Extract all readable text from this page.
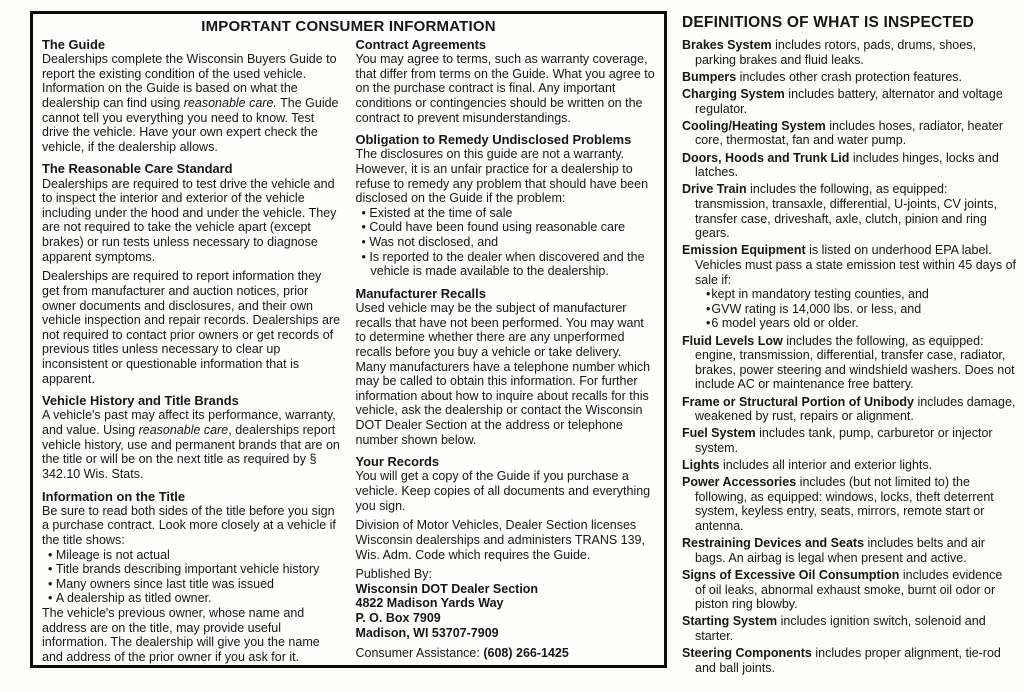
IMPORTANT CONSUMER INFORMATION
The Guide

Dealerships complete the Wisconsin Buyers Guide to report the existing condition of the used vehicle. Information on the Guide is based on what the dealership can find using reasonable care. The Guide cannot tell you everything you need to know. Test drive the vehicle. Have your own expert check the vehicle, if the dealership allows.

The Reasonable Care Standard

Dealerships are required to test drive the vehicle and to inspect the interior and exterior of the vehicle including under the hood and under the vehicle. They are not required to take the vehicle apart (except brakes) or run tests unless necessary to diagnose apparent symptoms.

Dealerships are required to report information they get from manufacturer and auction notices, prior owner documents and disclosures, and their own vehicle inspection and repair records. Dealerships are not required to contact prior owners or get records of previous titles unless necessary to clear up inconsistent or questionable information that is apparent.

Vehicle History and Title Brands

A vehicle's past may affect its performance, warranty, and value. Using reasonable care, dealerships report vehicle history, use and permanent brands that are on the title or will be on the next title as required by § 342.10 Wis. Stats.

Information on the Title

Be sure to read both sides of the title before you sign a purchase contract. Look more closely at a vehicle if the title shows:

• Mileage is not actual
• Title brands describing important vehicle history
• Many owners since last title was issued
• A dealership as titled owner.

The vehicle's previous owner, whose name and address are on the title, may provide useful information. The dealership will give you the name and address of the prior owner if you ask for it.

Contract Agreements

You may agree to terms, such as warranty coverage, that differ from terms on the Guide. What you agree to on the purchase contract is final. Any important conditions or contingencies should be written on the contract to prevent misunderstandings.

Obligation to Remedy Undisclosed Problems

The disclosures on this guide are not a warranty. However, it is an unfair practice for a dealership to refuse to remedy any problem that should have been disclosed on the Guide if the problem:

• Existed at the time of sale
• Could have been found using reasonable care
• Was not disclosed, and
• Is reported to the dealer when discovered and the vehicle is made available to the dealership.
Manufacturer Recalls

Used vehicle may be the subject of manufacturer recalls that have not been performed. You may want to determine whether there are any unperformed recalls before you buy a vehicle or take delivery. Many manufacturers have a telephone number which may be called to obtain this information. For further information about how to inquire about recalls for this vehicle, ask the dealership or contact the Wisconsin DOT Dealer Section at the address or telephone number shown below.

Your Records

You will get a copy of the Guide if you purchase a vehicle. Keep copies of all documents and everything you sign.

Division of Motor Vehicles, Dealer Section licenses Wisconsin dealerships and administers TRANS 139, Wis. Adm. Code which requires the Guide.

Published By:

Wisconsin DOT Dealer Section

4822 Madison Yards Way

P. O. Box 7909

Madison, WI 53707-7909

Consumer Assistance: (608) 266-1425

DEFINITIONS OF WHAT IS INSPECTED
Brakes System includes rotors, pads, drums, shoes, parking brakes and fluid leaks.
Bumpers includes other crash protection features.
Charging System includes battery, alternator and voltage regulator.
Cooling/Heating System includes hoses, radiator, heater core, thermostat, fan and water pump.
Doors, Hoods and Trunk Lid includes hinges, locks and latches.
Drive Train includes the following, as equipped: transmission, transaxle, differential, U-joints, CV joints, transfer case, driveshaft, axle, clutch, pinion and ring gears.
Emission Equipment is listed on underhood EPA label. Vehicles must pass a state emission test within 45 days of sale if:
• kept in mandatory testing counties, and
• GVW rating is 14,000 lbs. or less, and
• 6 model years old or older.
Fluid Levels Low includes the following, as equipped: engine, transmission, differential, transfer case, radiator, brakes, power steering and windshield washers. Does not include AC or maintenance free battery.
Frame or Structural Portion of Unibody includes damage, weakened by rust, repairs or alignment.
Fuel System includes tank, pump, carburetor or injector system.
Lights includes all interior and exterior lights.
Power Accessories includes (but not limited to) the following, as equipped: windows, locks, theft deterrent system, keyless entry, seats, mirrors, remote start or antenna.
Restraining Devices and Seats includes belts and air bags. An airbag is legal when present and active.
Signs of Excessive Oil Consumption includes evidence of oil leaks, abnormal exhaust smoke, burnt oil odor or piston ring blowby.
Starting System includes ignition switch, solenoid and starter.
Steering Components includes proper alignment, tie-rod and ball joints.
